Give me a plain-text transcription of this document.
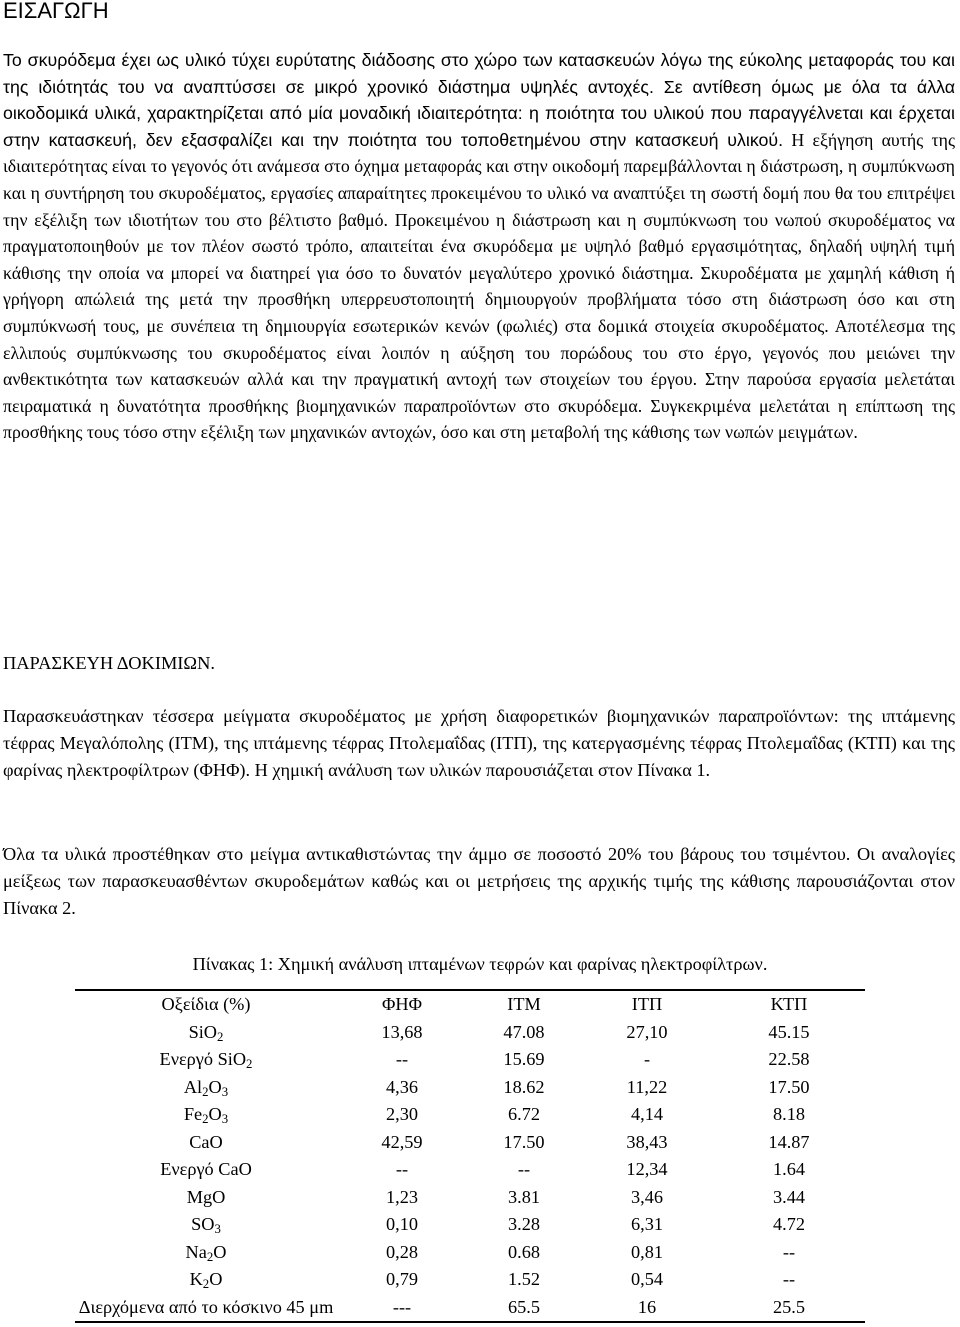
ΕΙΣΑΓΩΓΗ

Το σκυρόδεμα έχει ως υλικό τύχει ευρύτατης διάδοσης στο χώρο των κατασκευών λόγω της εύκολης μεταφοράς του και της ιδιότητάς του να αναπτύσσει σε μικρό χρονικό διάστημα υψηλές αντοχές. Σε αντίθεση όμως με όλα τα άλλα οικοδομικά υλικά, χαρακτηρίζεται από μία μοναδική ιδιαιτερότητα: η ποιότητα του υλικού που παραγγέλνεται και έρχεται στην κατασκευή, δεν εξασφαλίζει και την ποιότητα του τοποθετημένου στην κατασκευή υλικού. Η εξήγηση αυτής της ιδιαιτερότητας είναι το γεγονός ότι ανάμεσα στο όχημα μεταφοράς και στην οικοδομή παρεμβάλλονται η διάστρωση, η συμπύκνωση και η συντήρηση του σκυροδέματος, εργασίες απαραίτητες προκειμένου το υλικό να αναπτύξει τη σωστή δομή που θα του επιτρέψει την εξέλιξη των ιδιοτήτων του στο βέλτιστο βαθμό. Προκειμένου η διάστρωση και η συμπύκνωση του νωπού σκυροδέματος να πραγματοποιηθούν με τον πλέον σωστό τρόπο, απαιτείται ένα σκυρόδεμα με υψηλό βαθμό εργασιμότητας, δηλαδή υψηλή τιμή κάθισης την οποία να μπορεί να διατηρεί για όσο το δυνατόν μεγαλύτερο χρονικό διάστημα. Σκυροδέματα με χαμηλή κάθιση ή γρήγορη απώλειά της μετά την προσθήκη υπερρευστοποιητή δημιουργούν προβλήματα τόσο στη διάστρωση όσο και στη συμπύκνωσή τους, με συνέπεια τη δημιουργία εσωτερικών κενών (φωλιές) στα δομικά στοιχεία σκυροδέματος. Αποτέλεσμα της ελλιπούς συμπύκνωσης του σκυροδέματος είναι λοιπόν η αύξηση του πορώδους του στο έργο, γεγονός που μειώνει την ανθεκτικότητα των κατασκευών αλλά και την πραγματική αντοχή των στοιχείων του έργου. Στην παρούσα εργασία μελετάται πειραματικά η δυνατότητα προσθήκης βιομηχανικών παραπροϊόντων στο σκυρόδεμα. Συγκεκριμένα μελετάται η επίπτωση της προσθήκης τους τόσο στην εξέλιξη των μηχανικών αντοχών, όσο και στη μεταβολή της κάθισης των νωπών μειγμάτων.

ΠΑΡΑΣΚΕΥΗ ΔΟΚΙΜΙΩΝ.

Παρασκευάστηκαν τέσσερα μείγματα σκυροδέματος με χρήση διαφορετικών βιομηχανικών παραπροϊόντων: της ιπτάμενης τέφρας Μεγαλόπολης (ΙΤΜ), της ιπτάμενης τέφρας Πτολεμαΐδας (ΙΤΠ), της κατεργασμένης τέφρας Πτολεμαΐδας (ΚΤΠ) και της φαρίνας ηλεκτροφίλτρων (ΦΗΦ). Η χημική ανάλυση των υλικών παρουσιάζεται στον Πίνακα 1.

Όλα τα υλικά προστέθηκαν στο μείγμα αντικαθιστώντας την άμμο σε ποσοστό 20% του βάρους του τσιμέντου. Οι αναλογίες μείξεως των παρασκευασθέντων σκυροδεμάτων καθώς και οι μετρήσεις της αρχικής τιμής της κάθισης παρουσιάζονται στον Πίνακα 2.

Πίνακας 1: Χημική ανάλυση ιπταμένων τεφρών και φαρίνας ηλεκτροφίλτρων.

Οξείδια (%)	ΦΗΦ	ΙΤΜ	ΙΤΠ	ΚΤΠ
SiO$_2$	13,68	47.08	27,10	45.15
Ενεργό SiO$_2$	--	15.69	-	22.58
$Al_2O_3$	4,36	18.62	11,22	17.50
$Fe_2O_3$	2,30	6.72	4,14	8.18
CaO	42,59	17.50	38,43	14.87
Ενεργό CaO	--	--	12,34	1.64
MgO	1,23	3.81	3,46	3.44
$SO_3$	0,10	3.28	6,31	4.72
$Na_2O$	0,28	0.68	0,81	--
$K_2O$	0,79	1.52	0,54	--
Διερχόμενα από το κόσκινο 45 μm	---	65.5	16	25.5
